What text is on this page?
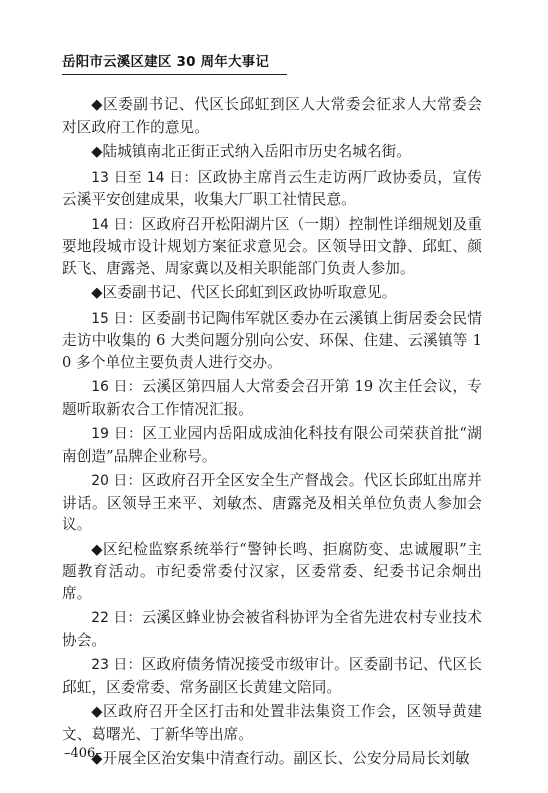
岳阳市云溪区建区 30 周年大事记

◆区委副书记、代区长邱虹到区人大常委会征求人大常委会对区政府工作的意见。

◆陆城镇南北正街正式纳入岳阳市历史名城名街。

13 日至 14 日：区政协主席肖云生走访两厂政协委员，宣传云溪平安创建成果，收集大厂职工社情民意。

14 日：区政府召开松阳湖片区（一期）控制性详细规划及重要地段城市设计规划方案征求意见会。区领导田文静、邱虹、颜跃飞、唐露尧、周家冀以及相关职能部门负责人参加。

◆区委副书记、代区长邱虹到区政协听取意见。

15 日：区委副书记陶伟军就区委办在云溪镇上街居委会民情走访中收集的 6 大类问题分别向公安、环保、住建、云溪镇等 10 多个单位主要负责人进行交办。

16 日：云溪区第四届人大常委会召开第 19 次主任会议，专题听取新农合工作情况汇报。

19 日：区工业园内岳阳成成油化科技有限公司荣获首批“湖南创造”品牌企业称号。

20 日：区政府召开全区安全生产督战会。代区长邱虹出席并讲话。区领导王来平、刘敏杰、唐露尧及相关单位负责人参加会议。

◆区纪检监察系统举行“警钟长鸣、拒腐防变、忠诚履职”主题教育活动。市纪委常委付汉家，区委常委、纪委书记余炯出席。

22 日：云溪区蜂业协会被省科协评为全省先进农村专业技术协会。

23 日：区政府债务情况接受市级审计。区委副书记、代区长邱虹，区委常委、常务副区长黄建文陪同。

◆区政府召开全区打击和处置非法集资工作会，区领导黄建文、葛曙光、丁新华等出席。

◆开展全区治安集中清查行动。副区长、公安分局局长刘敏

–406–
